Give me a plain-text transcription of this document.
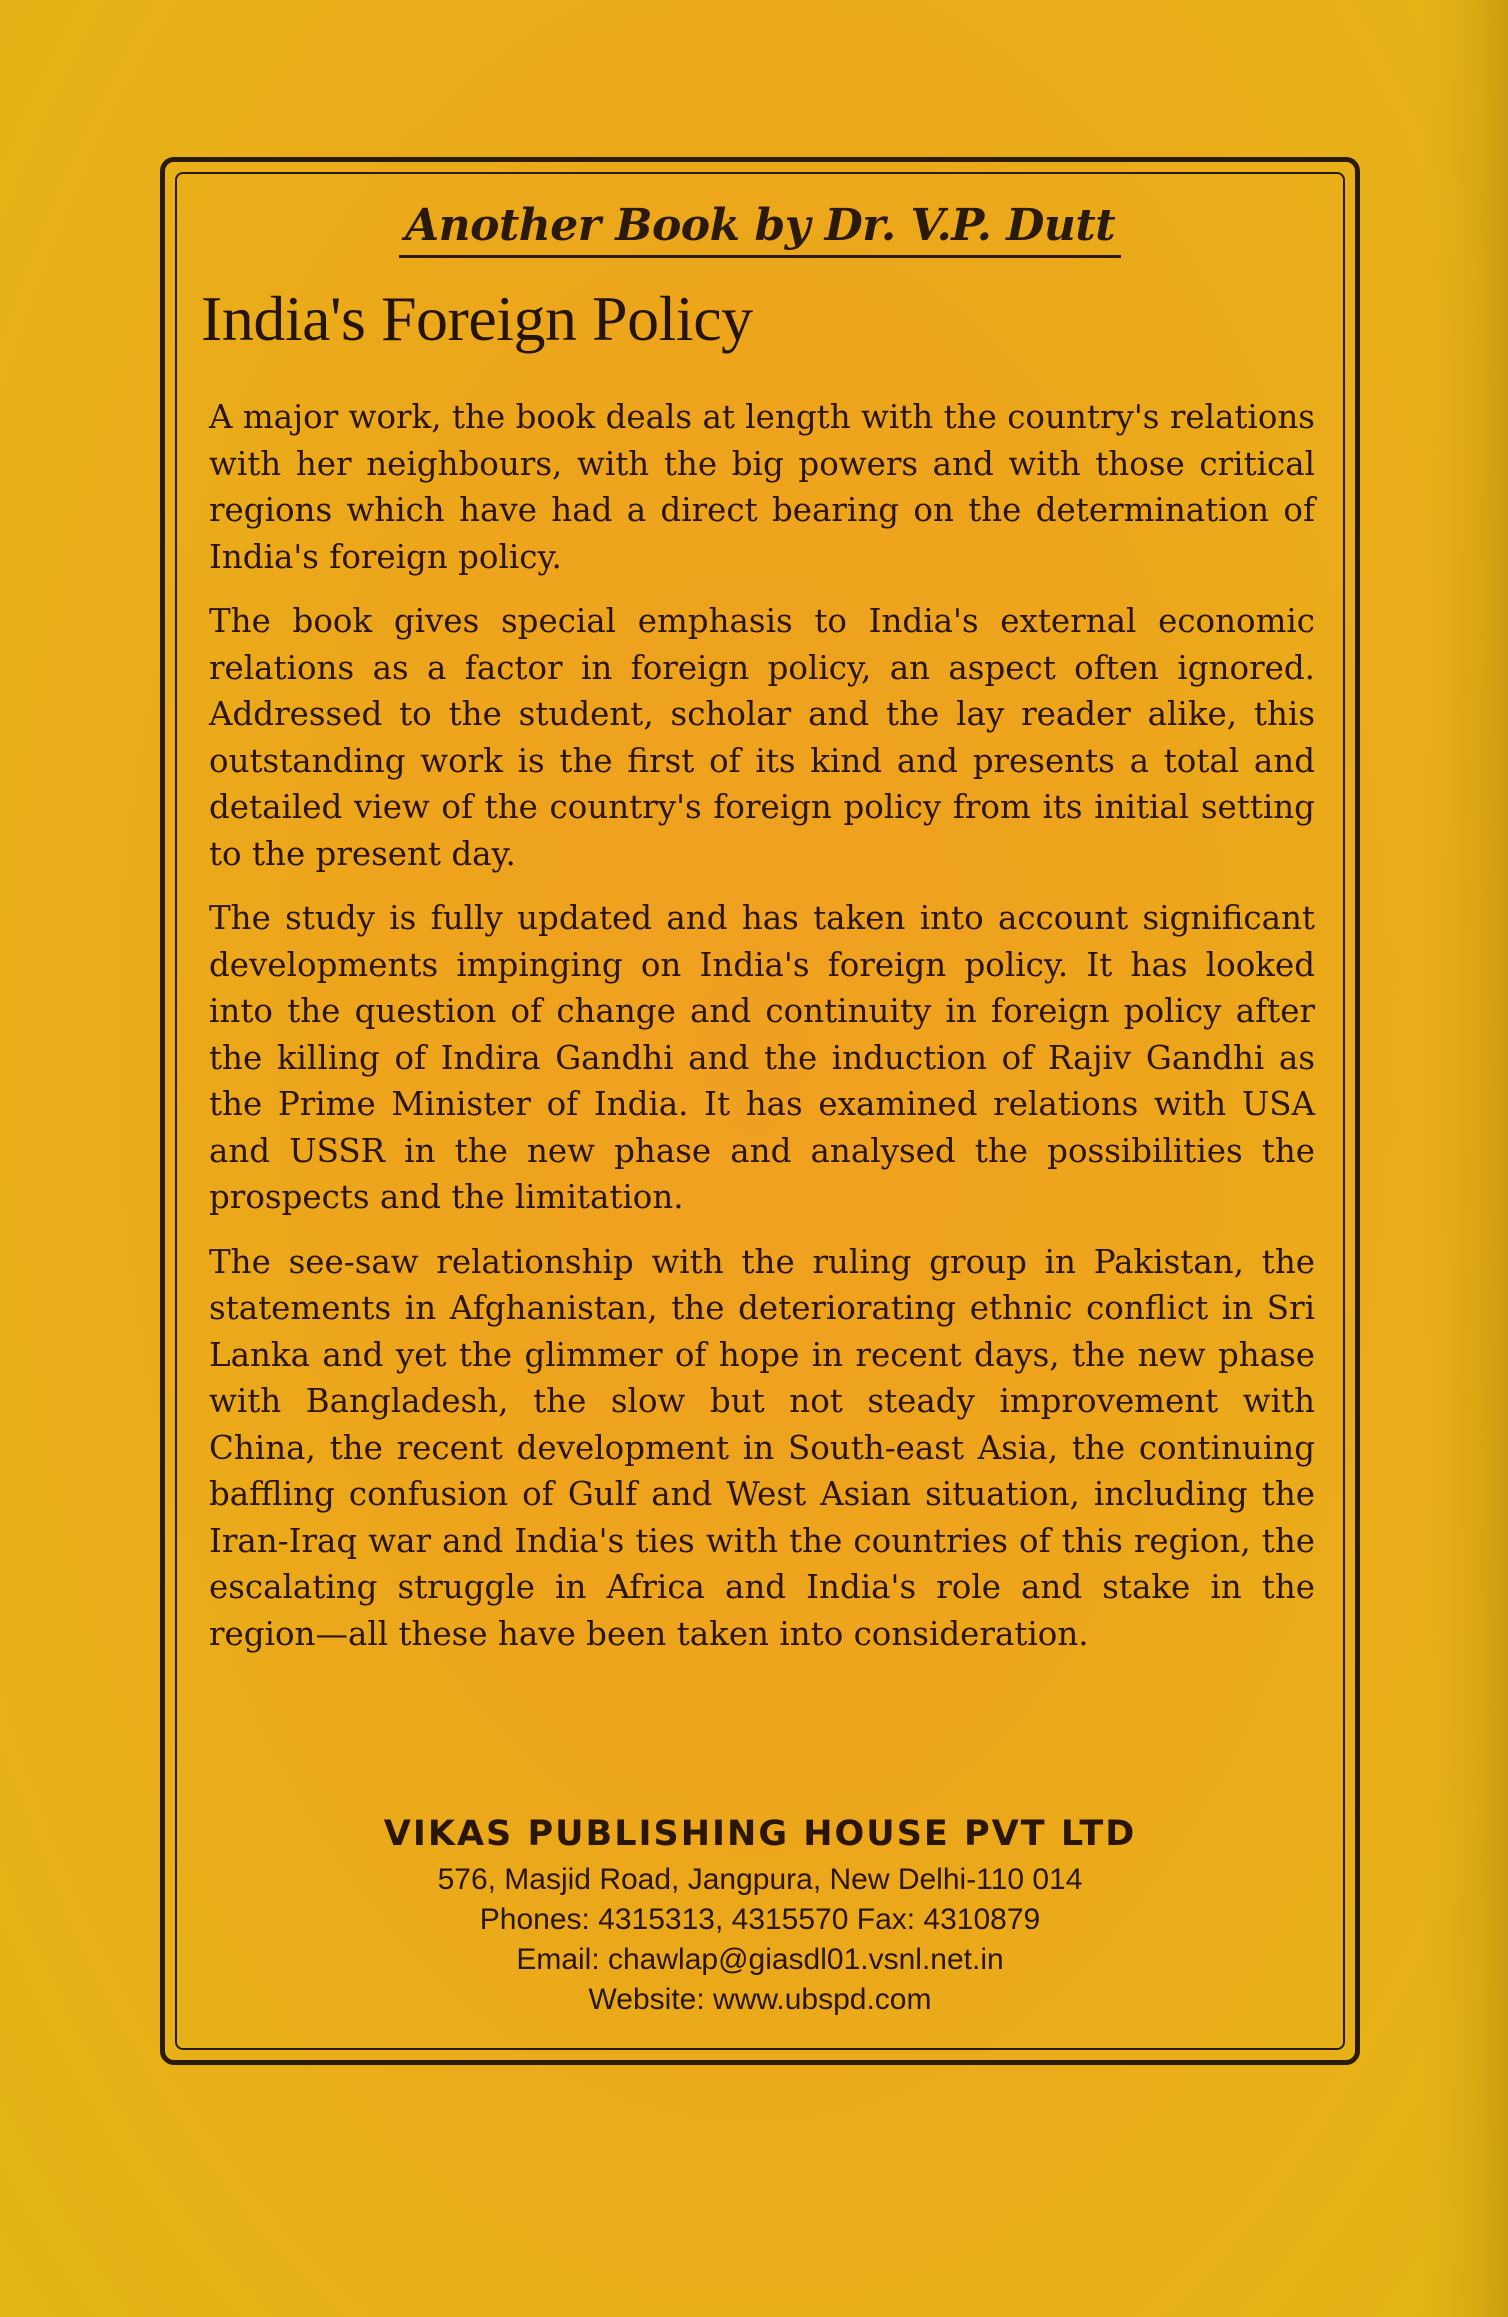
Another Book by Dr. V.P. Dutt
India's Foreign Policy

A major work, the book deals at length with the country's relations with her neighbours, with the big powers and with those critical regions which have had a direct bearing on the determination of India's foreign policy.

The book gives special emphasis to India's external economic relations as a factor in foreign policy, an aspect often ignored. Addressed to the student, scholar and the lay reader alike, this outstanding work is the first of its kind and presents a total and detailed view of the country's foreign policy from its initial setting to the present day.

The study is fully updated and has taken into account significant developments impinging on India's foreign policy. It has looked into the question of change and continuity in foreign policy after the killing of Indira Gandhi and the induction of Rajiv Gandhi as the Prime Minister of India. It has examined relations with USA and USSR in the new phase and analysed the possibilities the prospects and the limitation.

The see-saw relationship with the ruling group in Pakistan, the statements in Afghanistan, the deteriorating ethnic conflict in Sri Lanka and yet the glimmer of hope in recent days, the new phase with Bangladesh, the slow but not steady improvement with China, the recent development in South-east Asia, the continuing baffling confusion of Gulf and West Asian situation, including the Iran-Iraq war and India's ties with the countries of this region, the escalating struggle in Africa and India's role and stake in the region—all these have been taken into consideration.

VIKAS PUBLISHING HOUSE PVT LTD
576, Masjid Road, Jangpura, New Delhi-110 014
Phones: 4315313, 4315570 Fax: 4310879
Email: chawlap@giasdl01.vsnl.net.in
Website: www.ubspd.com
